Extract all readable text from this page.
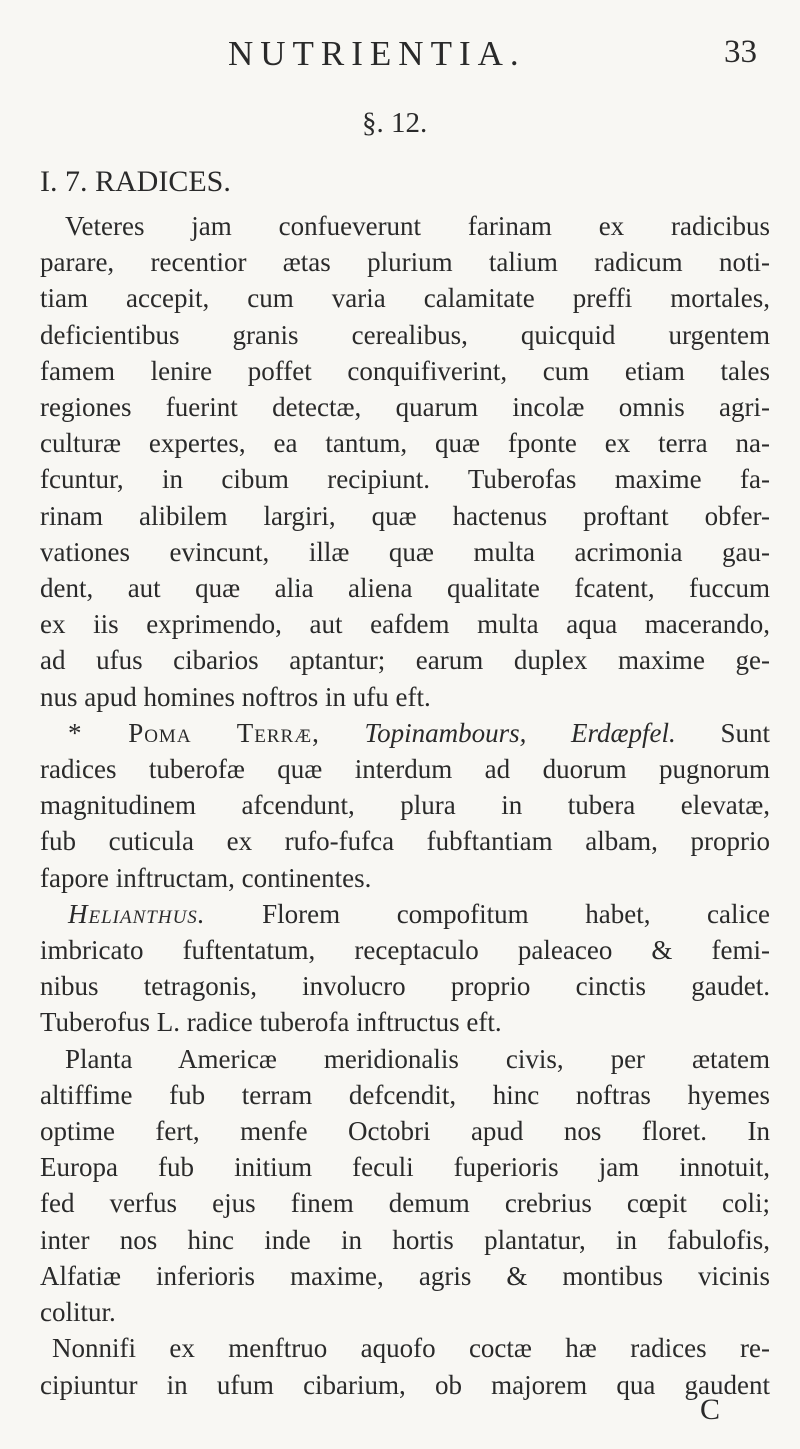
NUTRIENTIA.	33
§. 12.
I. 7. RADICES.
Veteres jam confueverunt farinam ex radicibus
parare, recentior ætas plurium talium radicum noti-
tiam accepit, cum varia calamitate preffi mortales,
deficientibus granis cerealibus, quicquid urgentem
famem lenire poffet conquifiverint, cum etiam tales
regiones fuerint detectæ, quarum incolæ omnis agri-
culturæ expertes, ea tantum, quæ fponte ex terra na-
fcuntur, in cibum recipiunt. Tuberofas maxime fa-
rinam alibilem largiri, quæ hactenus proftant obfer-
vationes evincunt, illæ quæ multa acrimonia gau-
dent, aut quæ alia aliena qualitate fcatent, fuccum
ex iis exprimendo, aut eafdem multa aqua macerando,
ad ufus cibarios aptantur; earum duplex maxime ge-
nus apud homines noftros in ufu eft.
* Poma Terræ, Topinambours, Erdæpfel. Sunt
radices tuberofæ quæ interdum ad duorum pugnorum
magnitudinem afcendunt, plura in tubera elevatæ,
fub cuticula ex rufo-fufca fubftantiam albam, proprio
fapore inftructam, continentes.
Helianthus. Florem compofitum habet, calice
imbricato fuftentatum, receptaculo paleaceo & femi-
nibus tetragonis, involucro proprio cinctis gaudet.
Tuberofus L. radice tuberofa inftructus eft.
Planta Americæ meridionalis civis, per ætatem
altiffime fub terram defcendit, hinc noftras hyemes
optime fert, menfe Octobri apud nos floret. In
Europa fub initium feculi fuperioris jam innotuit,
fed verfus ejus finem demum crebrius cœpit coli;
inter nos hinc inde in hortis plantatur, in fabulofis,
Alfatiæ inferioris maxime, agris & montibus vicinis
colitur.
Nonnifi ex menftruo aquofo coctæ hæ radices re-
cipiuntur in ufum cibarium, ob majorem qua gaudent
C
